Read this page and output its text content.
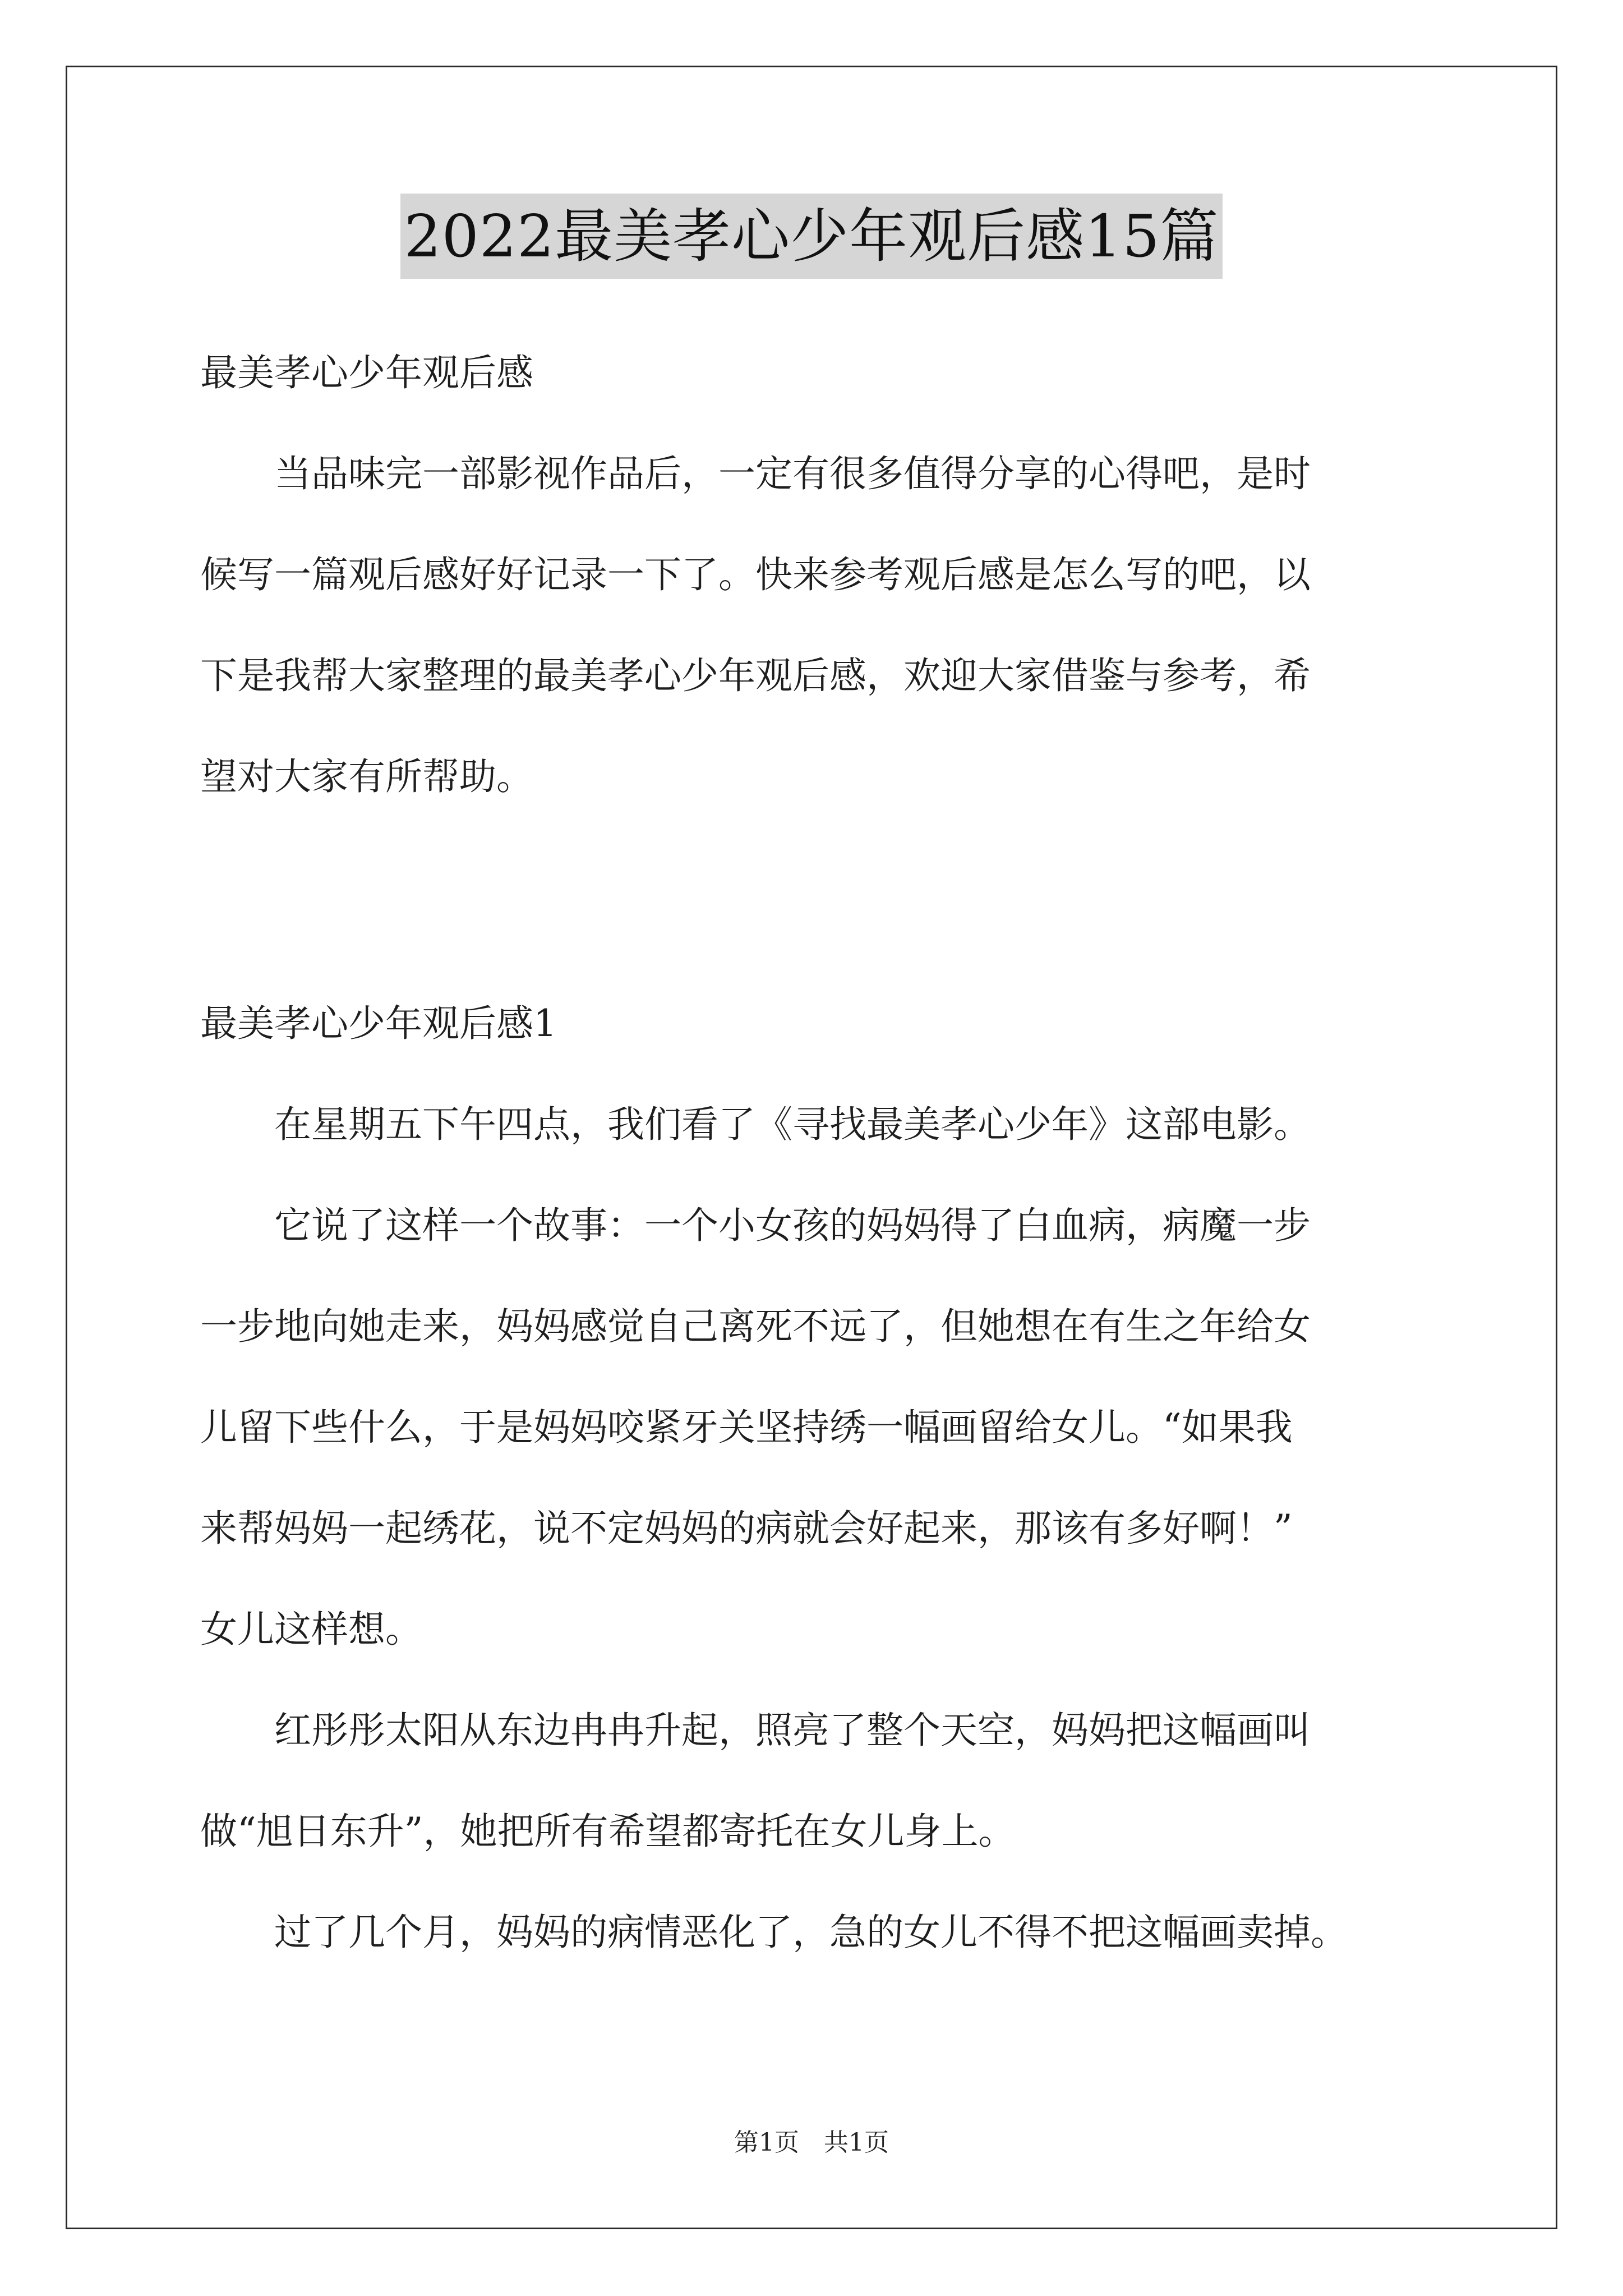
2022最美孝心少年观后感15篇
最美孝心少年观后感
　　当品味完一部影视作品后，一定有很多值得分享的心得吧，是时
候写一篇观后感好好记录一下了。快来参考观后感是怎么写的吧，以
下是我帮大家整理的最美孝心少年观后感，欢迎大家借鉴与参考，希
望对大家有所帮助。
最美孝心少年观后感1
　　在星期五下午四点，我们看了《寻找最美孝心少年》这部电影。
　　它说了这样一个故事：一个小女孩的妈妈得了白血病，病魔一步
一步地向她走来，妈妈感觉自己离死不远了，但她想在有生之年给女
儿留下些什么，于是妈妈咬紧牙关坚持绣一幅画留给女儿。“如果我
来帮妈妈一起绣花，说不定妈妈的病就会好起来，那该有多好啊！”
女儿这样想。
　　红彤彤太阳从东边冉冉升起，照亮了整个天空，妈妈把这幅画叫
做“旭日东升”，她把所有希望都寄托在女儿身上。
　　过了几个月，妈妈的病情恶化了，急的女儿不得不把这幅画卖掉。
第1页　共1页
